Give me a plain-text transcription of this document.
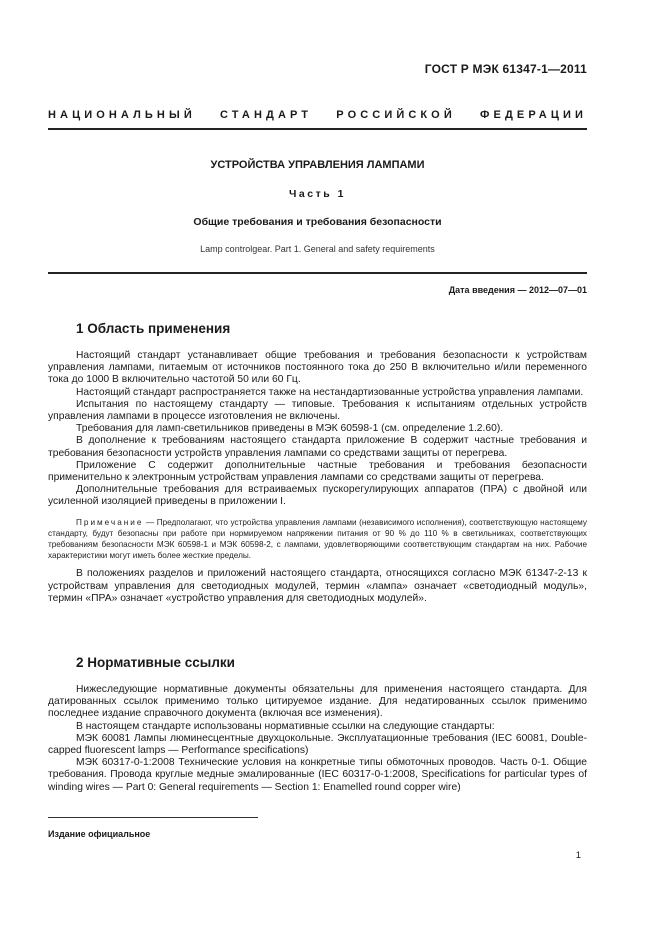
ГОСТ Р МЭК 61347-1—2011
НАЦИОНАЛЬНЫЙ СТАНДАРТ РОССИЙСКОЙ ФЕДЕРАЦИИ
УСТРОЙСТВА УПРАВЛЕНИЯ ЛАМПАМИ
Часть 1
Общие требования и требования безопасности
Lamp controlgear. Part 1. General and safety requirements
Дата введения — 2012—07—01
1 Область применения

Настоящий стандарт устанавливает общие требования и требования безопасности к устройствам управления лампами, питаемым от источников постоянного тока до 250 В включительно и/или переменного тока до 1000 В включительно частотой 50 или 60 Гц.

Настоящий стандарт распространяется также на нестандартизованные устройства управления лампами.

Испытания по настоящему стандарту — типовые. Требования к испытаниям отдельных устройств управления лампами в процессе изготовления не включены.

Требования для ламп-светильников приведены в МЭК 60598-1 (см. определение 1.2.60).

В дополнение к требованиям настоящего стандарта приложение В содержит частные требования и требования безопасности устройств управления лампами со средствами защиты от перегрева.

Приложение С содержит дополнительные частные требования и требования безопасности применительно к электронным устройствам управления лампами со средствами защиты от перегрева.

Дополнительные требования для встраиваемых пускорегулирующих аппаратов (ПРА) с двойной или усиленной изоляцией приведены в приложении I.

Примечание — Предполагают, что устройства управления лампами (независимого исполнения), соответствующую настоящему стандарту, будут безопасны при работе при нормируемом напряжении питания от 90 % до 110 % в светильниках, соответствующих требованиям безопасности МЭК 60598-1 и МЭК 60598-2, с лампами, удовлетворяющими соответствующим стандартам на них. Рабочие характеристики могут иметь более жесткие пределы.

В положениях разделов и приложений настоящего стандарта, относящихся согласно МЭК 61347-2-13 к устройствам управления для светодиодных модулей, термин «лампа» означает «светодиодный модуль», термин «ПРА» означает «устройство управления для светодиодных модулей».

2 Нормативные ссылки

Нижеследующие нормативные документы обязательны для применения настоящего стандарта. Для датированных ссылок применимо только цитируемое издание. Для недатированных ссылок применимо последнее издание справочного документа (включая все изменения).

В настоящем стандарте использованы нормативные ссылки на следующие стандарты:

МЭК 60081 Лампы люминесцентные двухцокольные. Эксплуатационные требования (IEC 60081, Double-capped fluorescent lamps — Performance specifications)

МЭК 60317-0-1:2008 Технические условия на конкретные типы обмоточных проводов. Часть 0-1. Общие требования. Провода круглые медные эмалированные (IEC 60317-0-1:2008, Specifications for particular types of winding wires — Part 0: General requirements — Section 1: Enamelled round copper wire)

Издание официальное
1
